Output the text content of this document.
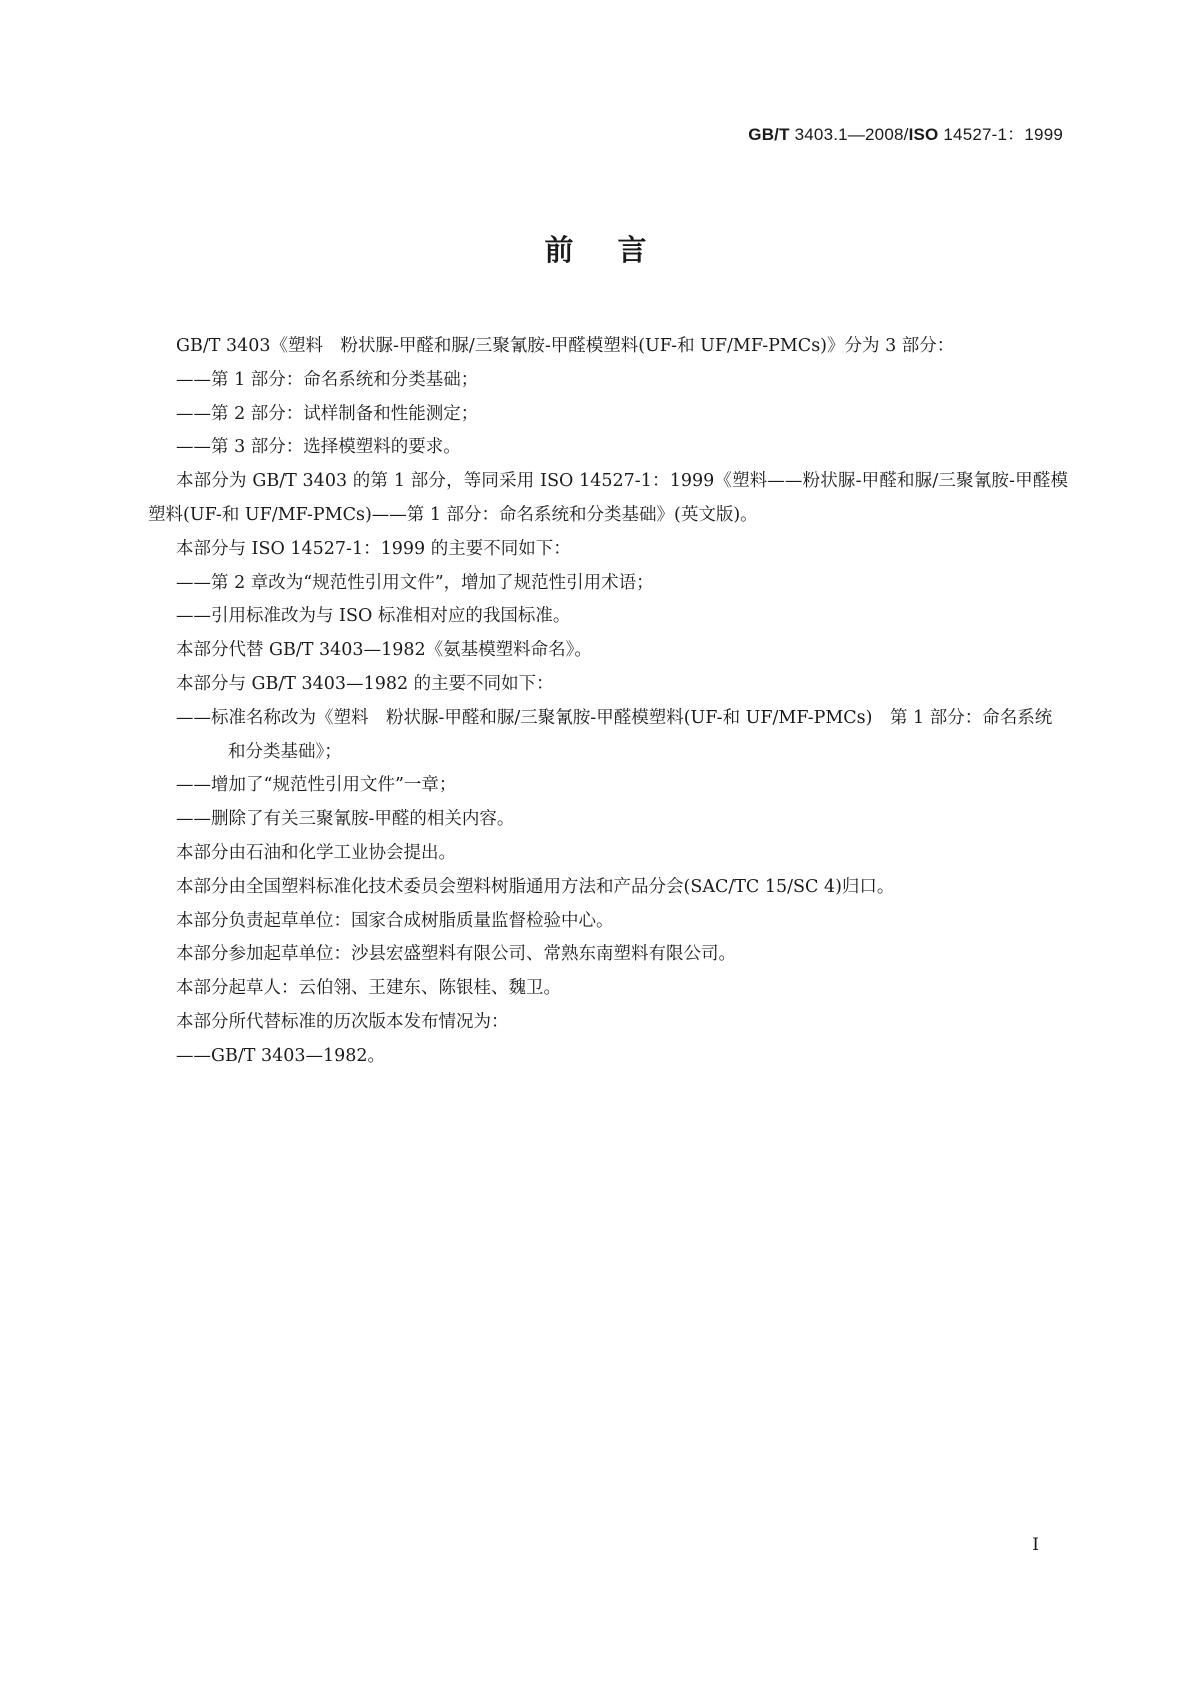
GB/T 3403.1—2008/ISO 14527-1：1999
前言

GB/T 3403《塑料　粉状脲-甲醛和脲/三聚氰胺-甲醛模塑料(UF-和 UF/MF-PMCs)》分为 3 部分：

——第 1 部分：命名系统和分类基础；

——第 2 部分：试样制备和性能测定；

——第 3 部分：选择模塑料的要求。

本部分为 GB/T 3403 的第 1 部分，等同采用 ISO 14527-1：1999《塑料——粉状脲-甲醛和脲/三聚氰胺-甲醛模塑料(UF-和 UF/MF-PMCs)——第 1 部分：命名系统和分类基础》(英文版)。

本部分与 ISO 14527-1：1999 的主要不同如下：

——第 2 章改为“规范性引用文件”，增加了规范性引用术语；

——引用标准改为与 ISO 标准相对应的我国标准。

本部分代替 GB/T 3403—1982《氨基模塑料命名》。

本部分与 GB/T 3403—1982 的主要不同如下：

——标准名称改为《塑料　粉状脲-甲醛和脲/三聚氰胺-甲醛模塑料(UF-和 UF/MF-PMCs)　第 1 部分：命名系统和分类基础》；

——增加了“规范性引用文件”一章；

——删除了有关三聚氰胺-甲醛的相关内容。

本部分由石油和化学工业协会提出。

本部分由全国塑料标准化技术委员会塑料树脂通用方法和产品分会(SAC/TC 15/SC 4)归口。

本部分负责起草单位：国家合成树脂质量监督检验中心。

本部分参加起草单位：沙县宏盛塑料有限公司、常熟东南塑料有限公司。

本部分起草人：云伯翎、王建东、陈银桂、魏卫。

本部分所代替标准的历次版本发布情况为：

——GB/T 3403—1982。

I
